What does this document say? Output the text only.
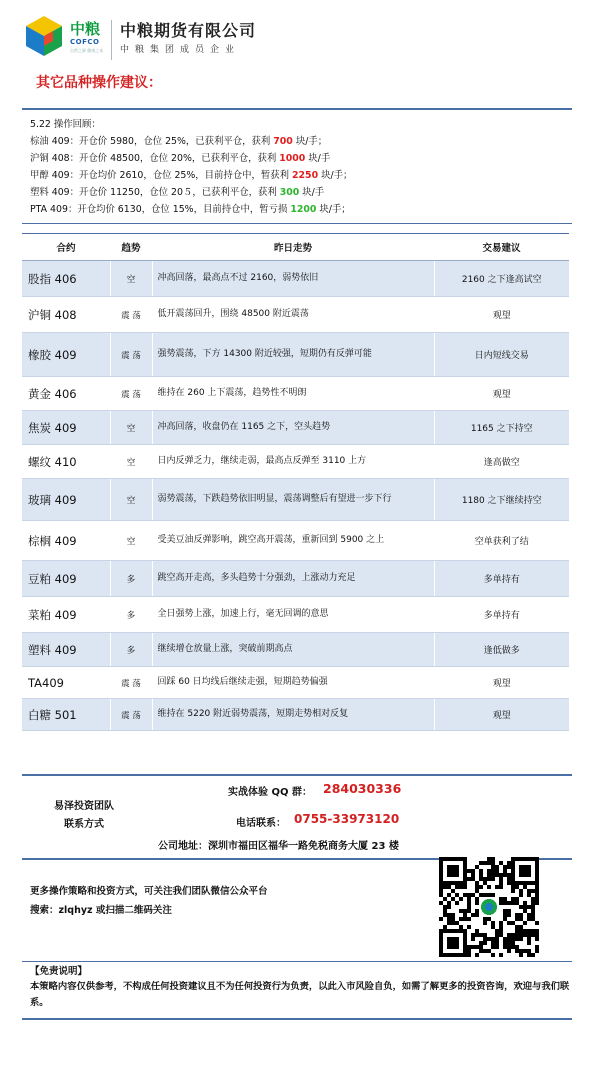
中粮
COFCO
自然之源 健康之本
中粮期货有限公司
中粮集团成员企业
其它品种操作建议：
5.22 操作回顾：
棕油 409：开仓价 5980，仓位 25%，已获利平仓，获利 700 块/手；
沪铜 408：开仓价 48500，仓位 20%，已获利平仓，获利 1000 块/手
甲醇 409：开仓均价 2610，仓位 25%，目前持仓中，暂获利 2250 块/手；
塑料 409：开仓价 11250，仓位 20５，已获利平仓，获利 300 块/手
PTA 409：开仓均价 6130，仓位 15%，目前持仓中，暂亏损 1200 块/手；
合约	趋势	昨日走势	交易建议
股指 406	空	冲高回落，最高点不过 2160，弱势依旧	2160 之下逢高试空
沪铜 408	震 荡	低开震荡回升，围绕 48500 附近震荡	观望
橡胶 409	震 荡	强势震荡，下方 14300 附近较强，短期仍有反弹可能	日内短线交易
黄金 406	震 荡	维持在 260 上下震荡，趋势性不明朗	观望
焦炭 409	空	冲高回落，收盘仍在 1165 之下，空头趋势	1165 之下持空
螺纹 410	空	日内反弹乏力，继续走弱，最高点反弹至 3110 上方	逢高做空
玻璃 409	空	弱势震荡，下跌趋势依旧明显，震荡调整后有望进一步下行	1180 之下继续持空
棕榈 409	空	受美豆油反弹影响，跳空高开震荡，重新回到 5900 之上	空单获利了结
豆粕 409	多	跳空高开走高，多头趋势十分强劲，上涨动力充足	多单持有
菜粕 409	多	全日强势上涨，加速上行，毫无回调的意思	多单持有
塑料 409	多	继续增仓放量上涨，突破前期高点	逢低做多
TA409	震 荡	回踩 60 日均线后继续走强，短期趋势偏强	观望
白糖 501	震 荡	维持在 5220 附近弱势震荡，短期走势相对反复	观望
易泽投资团队
联系方式
实战体验 QQ 群： 284030336
电话联系： 0755-33973120
公司地址：深圳市福田区福华一路免税商务大厦 23 楼
更多操作策略和投资方式，可关注我们团队微信公众平台
搜索：zlqhyz 或扫描二维码关注
【免责说明】
本策略内容仅供参考，不构成任何投资建议且不为任何投资行为负责，以此入市风险自负，如需了解更多的投资咨询，欢迎与我们联系。
